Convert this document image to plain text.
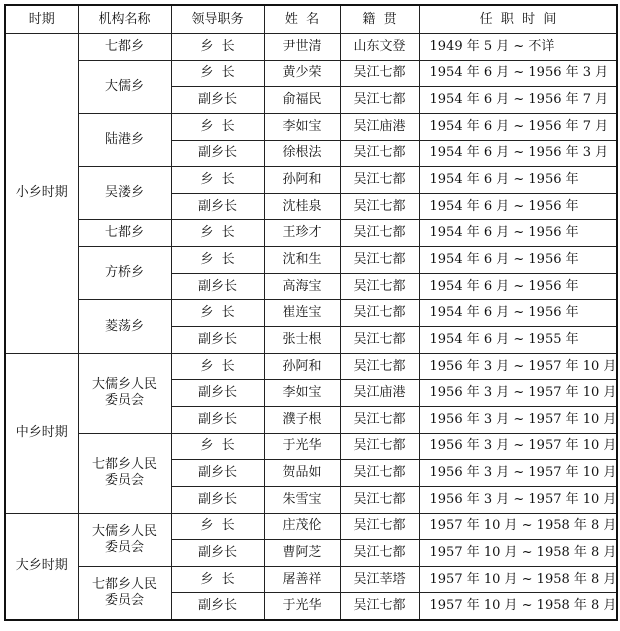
时期	机构名称	领导职务	姓  名	籍  贯	任  职  时  间
小乡时期	七都乡	乡  长	尹世清	山东文登	1949 年 5 月 ~ 不详
	大儒乡	乡  长	黄少荣	吴江七都	1954 年 6 月 ~ 1956 年 3 月
		副乡长	俞福民	吴江七都	1954 年 6 月 ~ 1956 年 7 月
	陆港乡	乡  长	李如宝	吴江庙港	1954 年 6 月 ~ 1956 年 7 月
		副乡长	徐根法	吴江七都	1954 年 6 月 ~ 1956 年 3 月
	吴溇乡	乡  长	孙阿和	吴江七都	1954 年 6 月 ~ 1956 年
		副乡长	沈桂泉	吴江七都	1954 年 6 月 ~ 1956 年
	七都乡	乡  长	王珍才	吴江七都	1954 年 6 月 ~ 1956 年
	方桥乡	乡  长	沈和生	吴江七都	1954 年 6 月 ~ 1956 年
		副乡长	高海宝	吴江七都	1954 年 6 月 ~ 1956 年
	菱荡乡	乡  长	崔连宝	吴江七都	1954 年 6 月 ~ 1956 年
		副乡长	张士根	吴江七都	1954 年 6 月 ~ 1955 年
中乡时期	大儒乡人民委员会	乡  长	孙阿和	吴江七都	1956 年 3 月 ~ 1957 年 10 月
		副乡长	李如宝	吴江庙港	1956 年 3 月 ~ 1957 年 10 月
		副乡长	濮子根	吴江七都	1956 年 3 月 ~ 1957 年 10 月
	七都乡人民委员会	乡  长	于光华	吴江七都	1956 年 3 月 ~ 1957 年 10 月
		副乡长	贺品如	吴江七都	1956 年 3 月 ~ 1957 年 10 月
		副乡长	朱雪宝	吴江七都	1956 年 3 月 ~ 1957 年 10 月
大乡时期	大儒乡人民委员会	乡  长	庄茂伦	吴江七都	1957 年 10 月 ~ 1958 年 8 月
		副乡长	曹阿芝	吴江七都	1957 年 10 月 ~ 1958 年 8 月
	七都乡人民委员会	乡  长	屠善祥	吴江莘塔	1957 年 10 月 ~ 1958 年 8 月
		副乡长	于光华	吴江七都	1957 年 10 月 ~ 1958 年 8 月
